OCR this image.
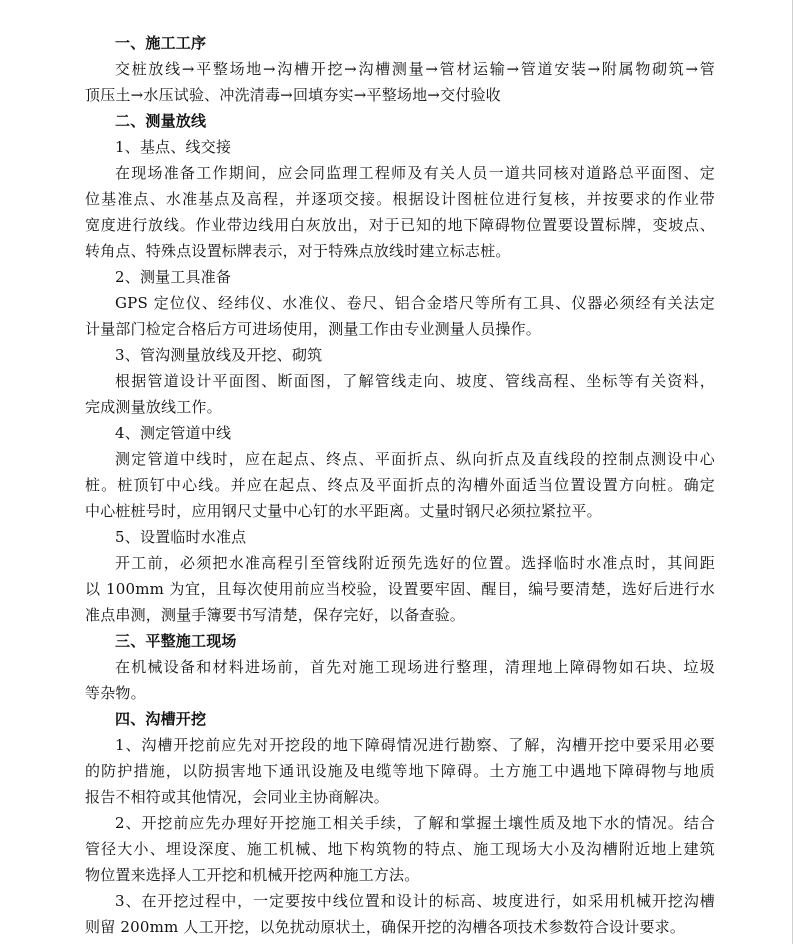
一、施工工序
交桩放线→平整场地→沟槽开挖→沟槽测量→管材运输→管道安装→附属物砌筑→管
顶压土→水压试验、冲洗清毒→回填夯实→平整场地→交付验收
二、测量放线
1、基点、线交接
在现场准备工作期间，应会同监理工程师及有关人员一道共同核对道路总平面图、定
位基准点、水准基点及高程，并逐项交接。根据设计图桩位进行复核，并按要求的作业带
宽度进行放线。作业带边线用白灰放出，对于已知的地下障碍物位置要设置标牌，变坡点、
转角点、特殊点设置标牌表示，对于特殊点放线时建立标志桩。
2、测量工具准备
GPS 定位仪、经纬仪、水准仪、卷尺、铝合金塔尺等所有工具、仪器必须经有关法定
计量部门检定合格后方可进场使用，测量工作由专业测量人员操作。
3、管沟测量放线及开挖、砌筑
根据管道设计平面图、断面图，了解管线走向、坡度、管线高程、坐标等有关资料，
完成测量放线工作。
4、测定管道中线
测定管道中线时，应在起点、终点、平面折点、纵向折点及直线段的控制点测设中心
桩。桩顶钉中心线。并应在起点、终点及平面折点的沟槽外面适当位置设置方向桩。确定
中心桩桩号时，应用钢尺丈量中心钉的水平距离。丈量时钢尺必须拉紧拉平。
5、设置临时水准点
开工前，必须把水准高程引至管线附近预先选好的位置。选择临时水准点时，其间距
以 100mm 为宜，且每次使用前应当校验，设置要牢固、醒目，编号要清楚，选好后进行水
准点串测，测量手簿要书写清楚，保存完好，以备查验。
三、平整施工现场
在机械设备和材料进场前，首先对施工现场进行整理，清理地上障碍物如石块、垃圾
等杂物。
四、沟槽开挖
1、沟槽开挖前应先对开挖段的地下障碍情况进行勘察、了解，沟槽开挖中要采用必要
的防护措施，以防损害地下通讯设施及电缆等地下障碍。土方施工中遇地下障碍物与地质
报告不相符或其他情况，会同业主协商解决。
2、开挖前应先办理好开挖施工相关手续，了解和掌握土壤性质及地下水的情况。结合
管径大小、埋设深度、施工机械、地下构筑物的特点、施工现场大小及沟槽附近地上建筑
物位置来选择人工开挖和机械开挖两种施工方法。
3、在开挖过程中，一定要按中线位置和设计的标高、坡度进行，如采用机械开挖沟槽
则留 200mm 人工开挖，以免扰动原状土，确保开挖的沟槽各项技术参数符合设计要求。
